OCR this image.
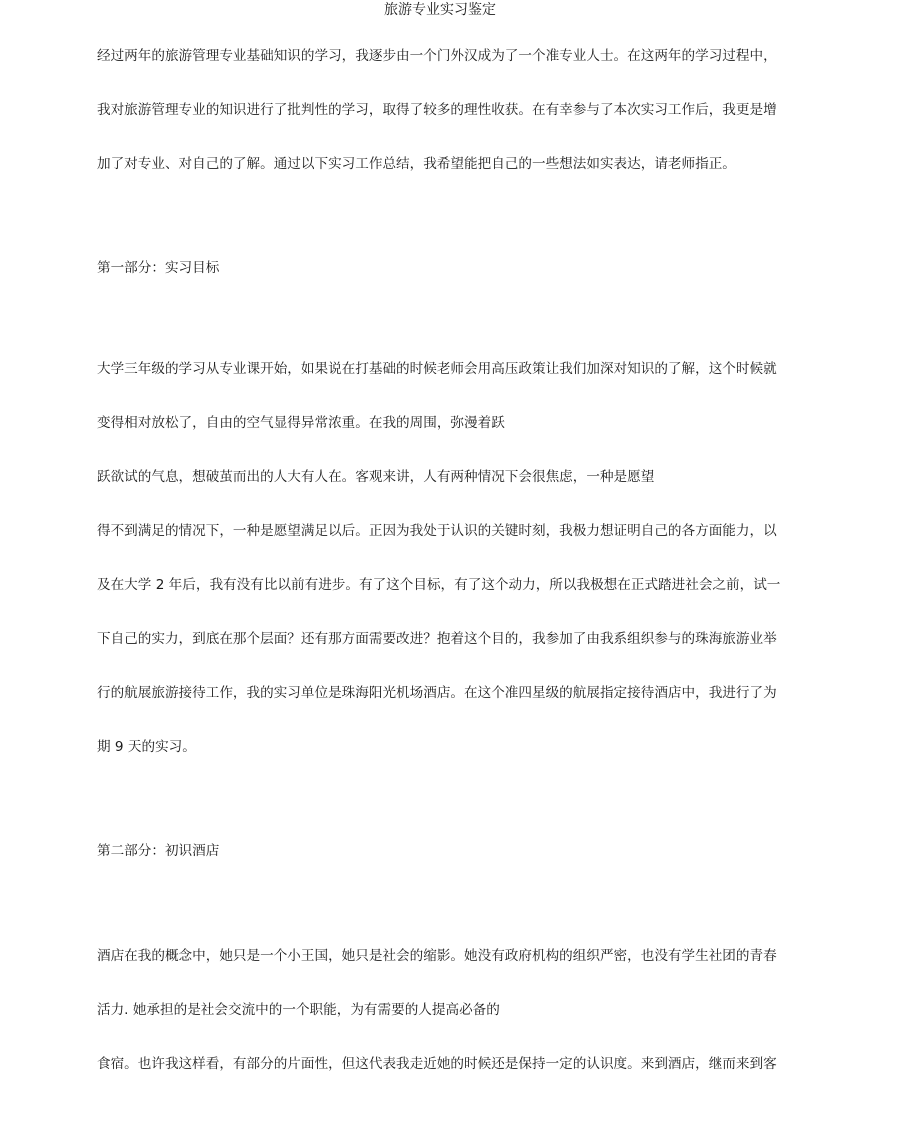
旅游专业实习鉴定
经过两年的旅游管理专业基础知识的学习，我逐步由一个门外汉成为了一个准专业人士。在这两年的学习过程中，
我对旅游管理专业的知识进行了批判性的学习，取得了较多的理性收获。在有幸参与了本次实习工作后，我更是增
加了对专业、对自己的了解。通过以下实习工作总结，我希望能把自己的一些想法如实表达，请老师指正。
第一部分：实习目标
大学三年级的学习从专业课开始，如果说在打基础的时候老师会用高压政策让我们加深对知识的了解，这个时候就
变得相对放松了，自由的空气显得异常浓重。在我的周围，弥漫着跃
跃欲试的气息，想破茧而出的人大有人在。客观来讲，人有两种情况下会很焦虑，一种是愿望
得不到满足的情况下，一种是愿望满足以后。正因为我处于认识的关键时刻，我极力想证明自己的各方面能力，以
及在大学 2 年后，我有没有比以前有进步。有了这个目标，有了这个动力，所以我极想在正式踏进社会之前，试一
下自己的实力，到底在那个层面？还有那方面需要改进？抱着这个目的，我参加了由我系组织参与的珠海旅游业举
行的航展旅游接待工作，我的实习单位是珠海阳光机场酒店。在这个准四星级的航展指定接待酒店中，我进行了为
期 9 天的实习。
第二部分：初识酒店
酒店在我的概念中，她只是一个小王国，她只是社会的缩影。她没有政府机构的组织严密，也没有学生社团的青春
活力. 她承担的是社会交流中的一个职能，为有需要的人提高必备的
食宿。也许我这样看，有部分的片面性，但这代表我走近她的时候还是保持一定的认识度。来到酒店，继而来到客
